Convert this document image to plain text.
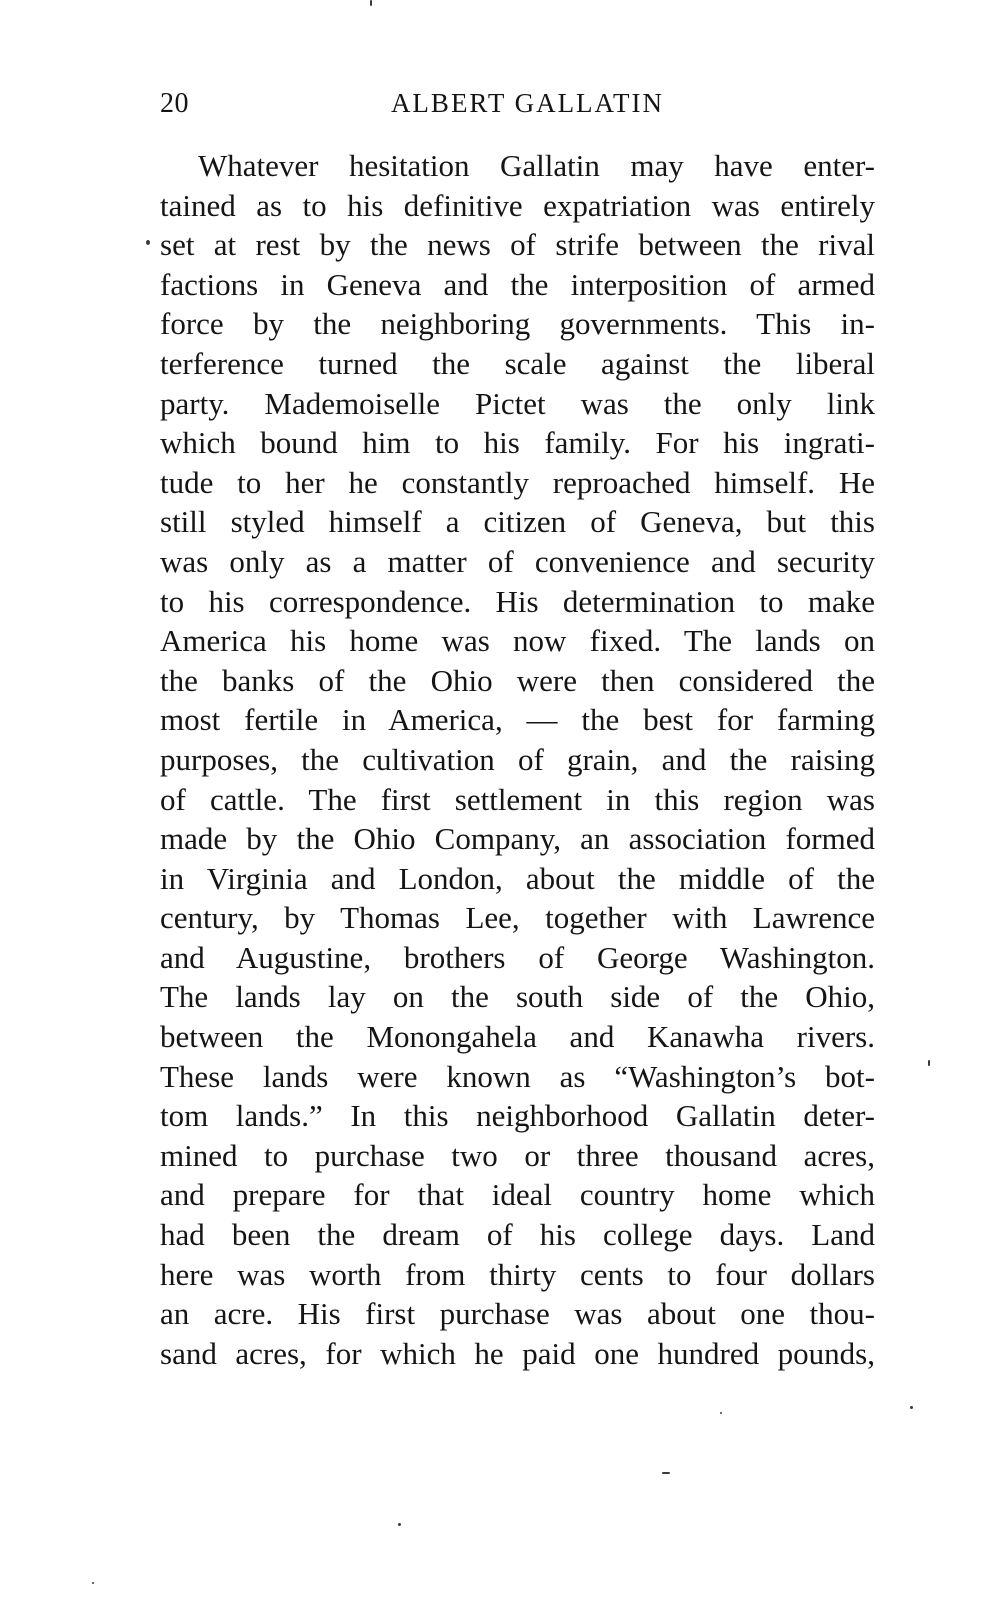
20	ALBERT GALLATIN
Whatever hesitation Gallatin may have enter-
tained as to his definitive expatriation was entirely
set at rest by the news of strife between the rival
factions in Geneva and the interposition of armed
force by the neighboring governments. This in-
terference turned the scale against the liberal
party. Mademoiselle Pictet was the only link
which bound him to his family. For his ingrati-
tude to her he constantly reproached himself. He
still styled himself a citizen of Geneva, but this
was only as a matter of convenience and security
to his correspondence. His determination to make
America his home was now fixed. The lands on
the banks of the Ohio were then considered the
most fertile in America, — the best for farming
purposes, the cultivation of grain, and the raising
of cattle. The first settlement in this region was
made by the Ohio Company, an association formed
in Virginia and London, about the middle of the
century, by Thomas Lee, together with Lawrence
and Augustine, brothers of George Washington.
The lands lay on the south side of the Ohio,
between the Monongahela and Kanawha rivers.
These lands were known as “Washington’s bot-
tom lands.” In this neighborhood Gallatin deter-
mined to purchase two or three thousand acres,
and prepare for that ideal country home which
had been the dream of his college days. Land
here was worth from thirty cents to four dollars
an acre. His first purchase was about one thou-
sand acres, for which he paid one hundred pounds,
